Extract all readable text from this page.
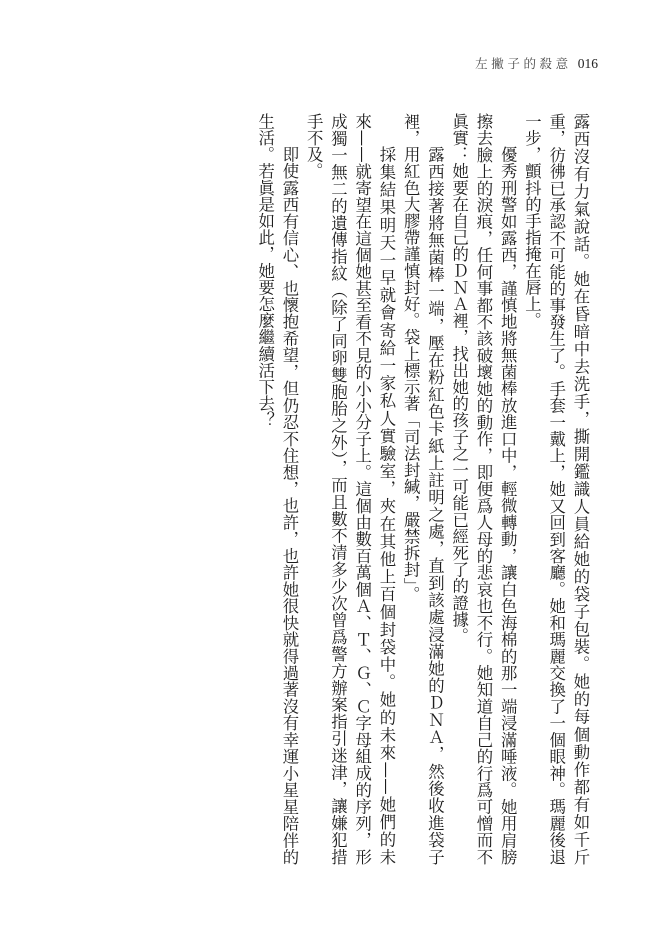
左撇子的殺意 016
露西沒有力氣說話。她在昏暗中去洗手，撕開鑑識人員給她的袋子包裝。她的每個動作都有如千斤
重，彷彿已承認不可能的事發生了。手套一戴上，她又回到客廳。她和瑪麗交換了一個眼神。瑪麗後退
一步，顫抖的手指掩在唇上。
優秀刑警如露西，謹慎地將無菌棒放進口中，輕微轉動，讓白色海棉的那一端浸滿唾液。她用肩膀
擦去臉上的淚痕，任何事都不該破壞她的動作，即便爲人母的悲哀也不行。她知道自己的行爲可憎而不
眞實：她要在自己的ＤＮＡ裡，找出她的孩子之一可能已經死了的證據。
露西接著將無菌棒一端，壓在粉紅色卡紙上註明之處，直到該處浸滿她的ＤＮＡ，然後收進袋子
裡，用紅色大膠帶謹慎封好。袋上標示著「司法封緘，嚴禁拆封」。
採集結果明天一早就會寄給一家私人實驗室，夾在其他上百個封袋中。她的未來——她們的未
來——就寄望在這個她甚至看不見的小小分子上。這個由數百萬個Ａ、Ｔ、Ｇ、Ｃ字母組成的序列，形
成獨一無二的遺傳指紋（除了同卵雙胞胎之外），而且數不清多少次曾爲警方辦案指引迷津，讓嫌犯措
手不及。
即使露西有信心、也懷抱希望，但仍忍不住想，也許，也許她很快就得過著沒有幸運小星星陪伴的
生活。若眞是如此，她要怎麼繼續活下去？
